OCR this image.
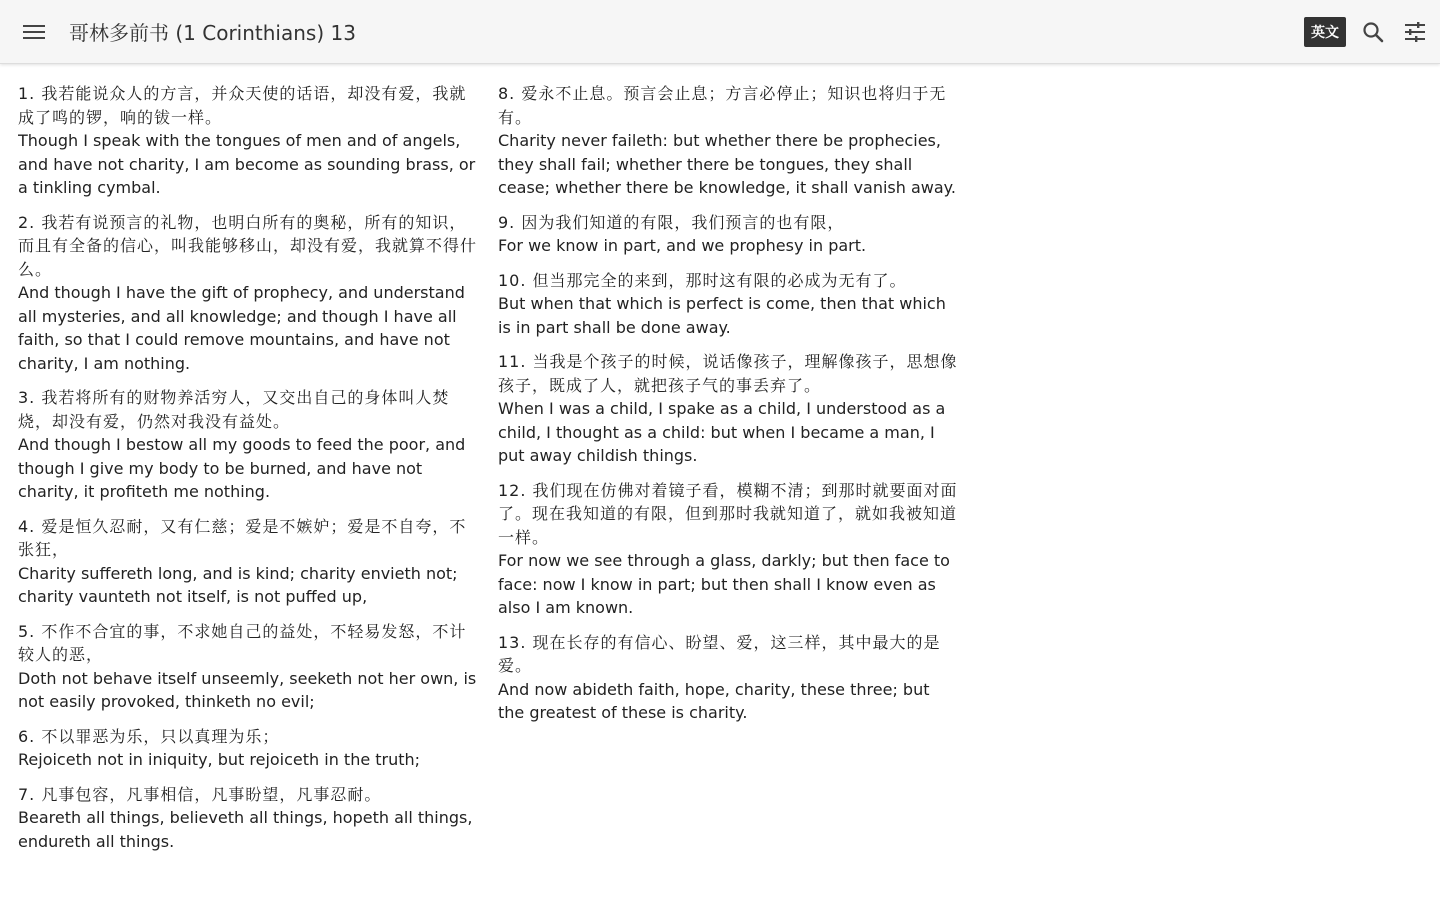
哥林多前书 (1 Corinthians) 13	英文
1. 我若能说众人的方言，并众天使的话语，却没有爱，我就成了鸣的锣，响的钹一样。
Though I speak with the tongues of men and of angels, and have not charity, I am become as sounding brass, or a tinkling cymbal.
2. 我若有说预言的礼物，也明白所有的奥秘，所有的知识，而且有全备的信心，叫我能够移山，却没有爱，我就算不得什么。
And though I have the gift of prophecy, and understand all mysteries, and all knowledge; and though I have all faith, so that I could remove mountains, and have not charity, I am nothing.
3. 我若将所有的财物养活穷人，又交出自己的身体叫人焚烧，却没有爱，仍然对我没有益处。
And though I bestow all my goods to feed the poor, and though I give my body to be burned, and have not charity, it profiteth me nothing.
4. 爱是恒久忍耐，又有仁慈；爱是不嫉妒；爱是不自夸，不张狂，
Charity suffereth long, and is kind; charity envieth not; charity vaunteth not itself, is not puffed up,
5. 不作不合宜的事，不求她自己的益处，不轻易发怒，不计较人的恶，
Doth not behave itself unseemly, seeketh not her own, is not easily provoked, thinketh no evil;
6. 不以罪恶为乐，只以真理为乐；
Rejoiceth not in iniquity, but rejoiceth in the truth;
7. 凡事包容，凡事相信，凡事盼望，凡事忍耐。
Beareth all things, believeth all things, hopeth all things, endureth all things.
8. 爱永不止息。预言会止息；方言必停止；知识也将归于无有。
Charity never faileth: but whether there be prophecies, they shall fail; whether there be tongues, they shall cease; whether there be knowledge, it shall vanish away.
9. 因为我们知道的有限，我们预言的也有限，
For we know in part, and we prophesy in part.
10. 但当那完全的来到，那时这有限的必成为无有了。
But when that which is perfect is come, then that which is in part shall be done away.
11. 当我是个孩子的时候，说话像孩子，理解像孩子，思想像孩子，既成了人，就把孩子气的事丢弃了。
When I was a child, I spake as a child, I understood as a child, I thought as a child: but when I became a man, I put away childish things.
12. 我们现在仿佛对着镜子看，模糊不清；到那时就要面对面了。现在我知道的有限，但到那时我就知道了，就如我被知道一样。
For now we see through a glass, darkly; but then face to face: now I know in part; but then shall I know even as also I am known.
13. 现在长存的有信心、盼望、爱，这三样，其中最大的是爱。
And now abideth faith, hope, charity, these three; but the greatest of these is charity.
